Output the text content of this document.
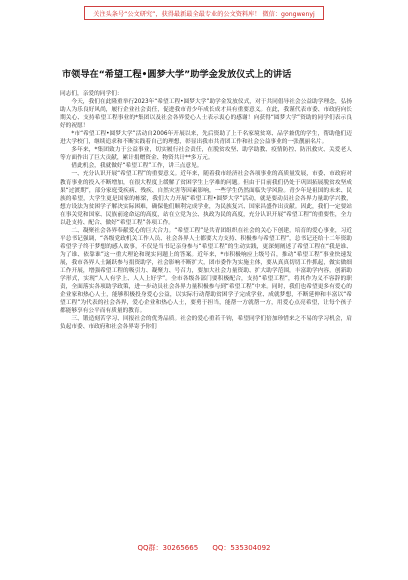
关注头条号“公文研究”，获得最新最全最专业的公文资料库！ 微信：gongwenyj
市领导在“希望工程•圆梦大学”助学金发放仪式上的讲话

同志们，亲爱的同学们：

今天，我们在此隆重举行2023年“希望工程•圆梦大学”助学金发放仪式，对于共同倡导社会公益助学理念，弘扬助人为乐良好风尚，履行企业社会责任，促进我市青少年成长成才具有重要意义。在此，我谨代表市委、市政府向长期关心、支持希望工程事业的*集团以及社会各界爱心人士表示衷心的感谢！向获得“圆梦大学”资助的同学们表示良好的祝愿！

*市“希望工程•圆梦大学”活动自2006年开展以来，先后资助了上千名家境贫寒、品学兼优的学生，帮助他们迈进大学校门，继续追求和不断实践着自己的理想，彰显出我市共青团工作和社会公益事业的一张靓丽名片。

多年来，*集团致力于公益事业，切实履行社会责任，在脱贫攻坚、助学助教、疫情防控、防汛救灾、关爱老人等方面作出了巨大贡献，累计捐赠资金、物资共计**多万元。

借此机会，我就做好“希望工程”工作，讲三点意见。

一、充分认识开展“希望工程”的重要意义。近年来，随着我市经济社会各项事业的高质量发展，市委、市政府对教育事业的投入不断增加，在很大程度上缓解了贫困学生上学难的问题。但由于目前我们仍处于巩固拓展脱贫攻坚成果“过渡期”，部分家庭受疾病、残疾、自然灾害等因素影响，一些学生仍然面临失学风险。青少年是祖国的未来、民族的希望，大学生更是国家的栋梁，我们大力开展“希望工程•圆梦大学”活动，就是要动员社会各界力量助学兴教，想方设法为贫困学子解决实际困难，确保他们顺利完成学业，为民族复兴、国家昌盛作出贡献。因此，我们一定要站在事关党和国家、民族前途命运的高度，站在立党为公、执政为民的高度，充分认识开展“希望工程”的重要性，全力以赴支持、配合、做好“希望工程”各项工作。

二、凝聚社会各界奉献爱心的巨大合力。“希望工程”是共青团组织在社会的关心下创建，培育的爱心事业，习近平总书记强调，“各级党政机关工作人员、社会各界人士都要大力支持、积极参与希望工程”，总书记还给十二年资助希望学子终于梦想的感人故事，不仅是当书记亲身参与“希望工程”的生动实践，更深刻阐述了希望工程在“我是谁、为了谁、依靠谁”这一重大理论和现实问题上的答案。近年来，*市积极响应上级号召，推动“希望工程”事业快速发展，我市各界人士踊跃参与捐资助学，社会影响不断扩大，团市委作为实施主体，要从真真切切工作抓起，做实做细工作开展，增强希望工程的吸引力、凝聚力、号召力，要加大社会力量资助、扩大助学范围，丰富助学内容，创新助学形式，实现“人人有学上、人人上好学”。全市各级各部门要积极配合，支持“希望工程”，将其作为义不容辞的职责，全面落实各项助学政策，进一步动员社会各界力量积极参与到“希望工程”中来。同时，我们也希望更多有爱心的企业家和热心人士，能够积极投身爱心公益，以实际行动帮助贫困学子完成学业、成就梦想，不断延伸和丰富以“希望工程”为代表的社会各界，爱心企业和热心人士，要勇于担当，能帮一方就帮一方，用爱心点亮希望，让每个孩子都能够享有公平而有质量的教育。

三、锻造刻苦学习、回报社会的优秀品质。社会的爱心重若千钧，希望同学们倍加珍惜来之不易的学习机会，肩负起市委、市政府和社会各界寄予你们

QQ群：30265665 QQ：535304092
